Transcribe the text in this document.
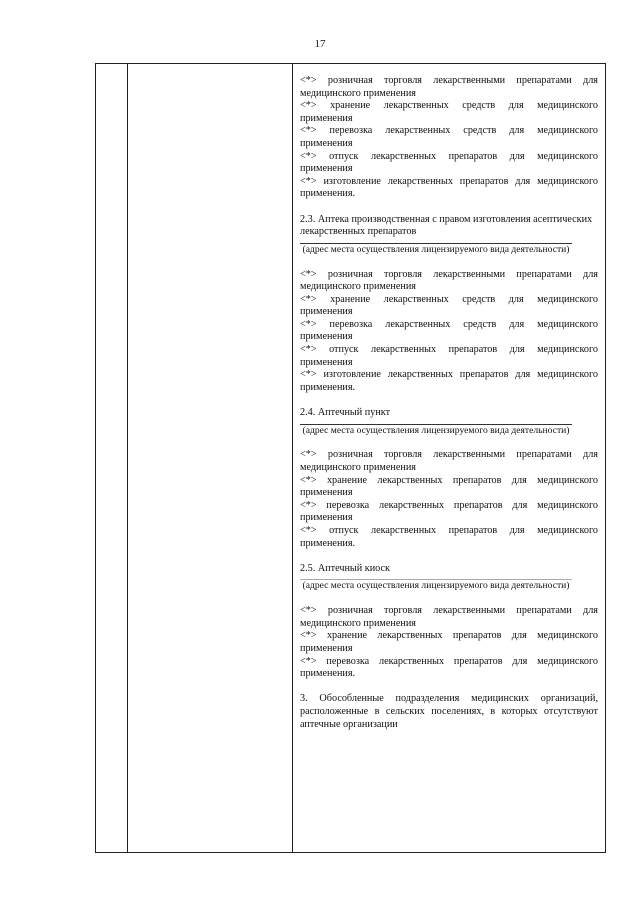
17
<*> розничная торговля лекарственными препаратами для медицинского применения
<*> хранение лекарственных средств для медицинского применения
<*> перевозка лекарственных средств для медицинского применения
<*> отпуск лекарственных препаратов для медицинского применения
<*> изготовление лекарственных препаратов для медицинского применения.
2.3. Аптека производственная с правом изготовления асептических лекарственных препаратов
(адрес места осуществления лицензируемого вида деятельности)
<*> розничная торговля лекарственными препаратами для медицинского применения
<*> хранение лекарственных средств для медицинского применения
<*> перевозка лекарственных средств для медицинского применения
<*> отпуск лекарственных препаратов для медицинского применения
<*> изготовление лекарственных препаратов для медицинского применения.
2.4. Аптечный пункт
(адрес места осуществления лицензируемого вида деятельности)
<*> розничная торговля лекарственными препаратами для медицинского применения
<*> хранение лекарственных препаратов для медицинского применения
<*> перевозка лекарственных препаратов для медицинского применения
<*> отпуск лекарственных препаратов для медицинского применения.
2.5. Аптечный киоск
(адрес места осуществления лицензируемого вида деятельности)
<*> розничная торговля лекарственными препаратами для медицинского применения
<*> хранение лекарственных препаратов для медицинского применения
<*> перевозка лекарственных препаратов для медицинского применения.
3. Обособленные подразделения медицинских организаций, расположенные в сельских поселениях, в которых отсутствуют аптечные организации
